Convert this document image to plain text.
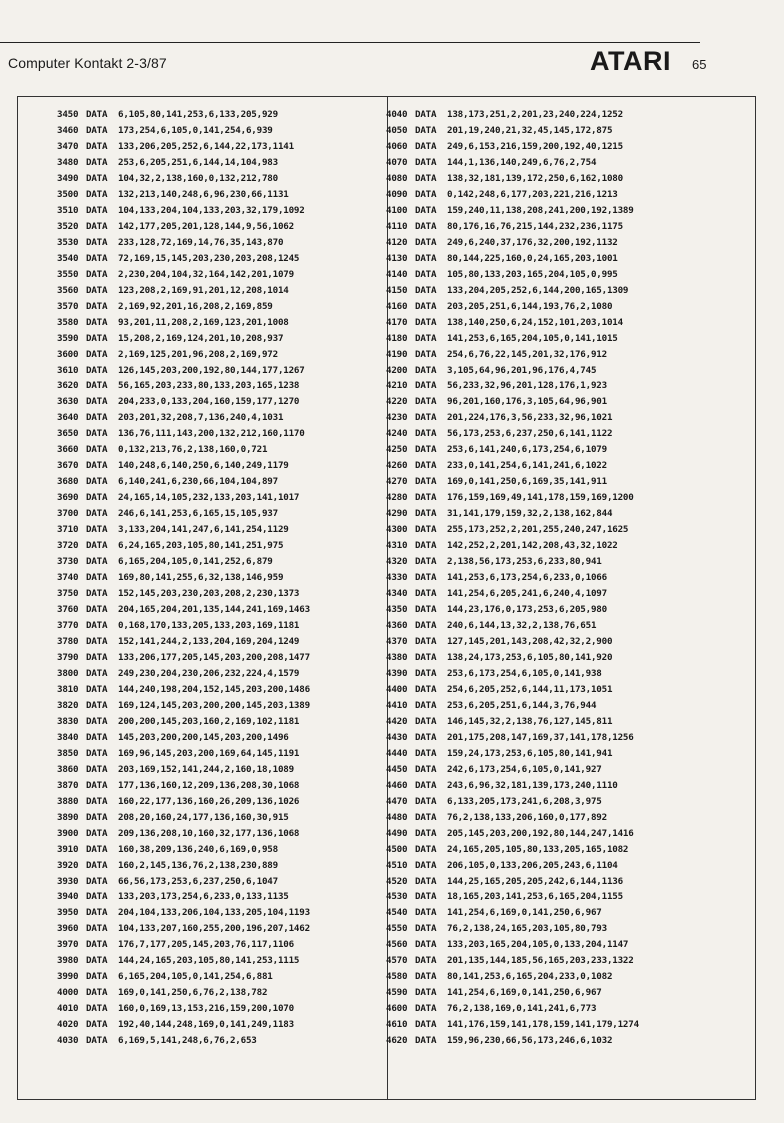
Computer Kontakt 2-3/87	ATARI 65
3450 DATA 6,105,80,141,253,6,133,205,929
3460 DATA 173,254,6,105,0,141,254,6,939
3470 DATA 133,206,205,252,6,144,22,173,1141
3480 DATA 253,6,205,251,6,144,14,104,983
3490 DATA 104,32,2,138,160,0,132,212,780
3500 DATA 132,213,140,248,6,96,230,66,1131
3510 DATA 104,133,204,104,133,203,32,179,1092
3520 DATA 142,177,205,201,128,144,9,56,1062
3530 DATA 233,128,72,169,14,76,35,143,870
3540 DATA 72,169,15,145,203,230,203,208,1245
3550 DATA 2,230,204,104,32,164,142,201,1079
3560 DATA 123,208,2,169,91,201,12,208,1014
3570 DATA 2,169,92,201,16,208,2,169,859
3580 DATA 93,201,11,208,2,169,123,201,1008
3590 DATA 15,208,2,169,124,201,10,208,937
3600 DATA 2,169,125,201,96,208,2,169,972
3610 DATA 126,145,203,200,192,80,144,177,1267
3620 DATA 56,165,203,233,80,133,203,165,1238
3630 DATA 204,233,0,133,204,160,159,177,1270
3640 DATA 203,201,32,208,7,136,240,4,1031
3650 DATA 136,76,111,143,200,132,212,160,1170
3660 DATA 0,132,213,76,2,138,160,0,721
3670 DATA 140,248,6,140,250,6,140,249,1179
3680 DATA 6,140,241,6,230,66,104,104,897
3690 DATA 24,165,14,105,232,133,203,141,1017
3700 DATA 246,6,141,253,6,165,15,105,937
3710 DATA 3,133,204,141,247,6,141,254,1129
3720 DATA 6,24,165,203,105,80,141,251,975
3730 DATA 6,165,204,105,0,141,252,6,879
3740 DATA 169,80,141,255,6,32,138,146,959
3750 DATA 152,145,203,230,203,208,2,230,1373
3760 DATA 204,165,204,201,135,144,241,169,1463
3770 DATA 0,168,170,133,205,133,203,169,1181
3780 DATA 152,141,244,2,133,204,169,204,1249
3790 DATA 133,206,177,205,145,203,200,208,1477
3800 DATA 249,230,204,230,206,232,224,4,1579
3810 DATA 144,240,198,204,152,145,203,200,1486
3820 DATA 169,124,145,203,200,200,145,203,1389
3830 DATA 200,200,145,203,160,2,169,102,1181
3840 DATA 145,203,200,200,145,203,200,1496
3850 DATA 169,96,145,203,200,169,64,145,1191
3860 DATA 203,169,152,141,244,2,160,18,1089
3870 DATA 177,136,160,12,209,136,208,30,1068
3880 DATA 160,22,177,136,160,26,209,136,1026
3890 DATA 208,20,160,24,177,136,160,30,915
3900 DATA 209,136,208,10,160,32,177,136,1068
3910 DATA 160,38,209,136,240,6,169,0,958
3920 DATA 160,2,145,136,76,2,138,230,889
3930 DATA 66,56,173,253,6,237,250,6,1047
3940 DATA 133,203,173,254,6,233,0,133,1135
3950 DATA 204,104,133,206,104,133,205,104,1193
3960 DATA 104,133,207,160,255,200,196,207,1462
3970 DATA 176,7,177,205,145,203,76,117,1106
3980 DATA 144,24,165,203,105,80,141,253,1115
3990 DATA 6,165,204,105,0,141,254,6,881
4000 DATA 169,0,141,250,6,76,2,138,782
4010 DATA 160,0,169,13,153,216,159,200,1070
4020 DATA 192,40,144,248,169,0,141,249,1183
4030 DATA 6,169,5,141,248,6,76,2,653
4040 DATA 138,173,251,2,201,23,240,224,1252
4050 DATA 201,19,240,21,32,45,145,172,875
4060 DATA 249,6,153,216,159,200,192,40,1215
4070 DATA 144,1,136,140,249,6,76,2,754
4080 DATA 138,32,181,139,172,250,6,162,1080
4090 DATA 0,142,248,6,177,203,221,216,1213
4100 DATA 159,240,11,138,208,241,200,192,1389
4110 DATA 80,176,16,76,215,144,232,236,1175
4120 DATA 249,6,240,37,176,32,200,192,1132
4130 DATA 80,144,225,160,0,24,165,203,1001
4140 DATA 105,80,133,203,165,204,105,0,995
4150 DATA 133,204,205,252,6,144,200,165,1309
4160 DATA 203,205,251,6,144,193,76,2,1080
4170 DATA 138,140,250,6,24,152,101,203,1014
4180 DATA 141,253,6,165,204,105,0,141,1015
4190 DATA 254,6,76,22,145,201,32,176,912
4200 DATA 3,105,64,96,201,96,176,4,745
4210 DATA 56,233,32,96,201,128,176,1,923
4220 DATA 96,201,160,176,3,105,64,96,901
4230 DATA 201,224,176,3,56,233,32,96,1021
4240 DATA 56,173,253,6,237,250,6,141,1122
4250 DATA 253,6,141,240,6,173,254,6,1079
4260 DATA 233,0,141,254,6,141,241,6,1022
4270 DATA 169,0,141,250,6,169,35,141,911
4280 DATA 176,159,169,49,141,178,159,169,1200
4290 DATA 31,141,179,159,32,2,138,162,844
4300 DATA 255,173,252,2,201,255,240,247,1625
4310 DATA 142,252,2,201,142,208,43,32,1022
4320 DATA 2,138,56,173,253,6,233,80,941
4330 DATA 141,253,6,173,254,6,233,0,1066
4340 DATA 141,254,6,205,241,6,240,4,1097
4350 DATA 144,23,176,0,173,253,6,205,980
4360 DATA 240,6,144,13,32,2,138,76,651
4370 DATA 127,145,201,143,208,42,32,2,900
4380 DATA 138,24,173,253,6,105,80,141,920
4390 DATA 253,6,173,254,6,105,0,141,938
4400 DATA 254,6,205,252,6,144,11,173,1051
4410 DATA 253,6,205,251,6,144,3,76,944
4420 DATA 146,145,32,2,138,76,127,145,811
4430 DATA 201,175,208,147,169,37,141,178,1256
4440 DATA 159,24,173,253,6,105,80,141,941
4450 DATA 242,6,173,254,6,105,0,141,927
4460 DATA 243,6,96,32,181,139,173,240,1110
4470 DATA 6,133,205,173,241,6,208,3,975
4480 DATA 76,2,138,133,206,160,0,177,892
4490 DATA 205,145,203,200,192,80,144,247,1416
4500 DATA 24,165,205,105,80,133,205,165,1082
4510 DATA 206,105,0,133,206,205,243,6,1104
4520 DATA 144,25,165,205,205,242,6,144,1136
4530 DATA 18,165,203,141,253,6,165,204,1155
4540 DATA 141,254,6,169,0,141,250,6,967
4550 DATA 76,2,138,24,165,203,105,80,793
4560 DATA 133,203,165,204,105,0,133,204,1147
4570 DATA 201,135,144,185,56,165,203,233,1322
4580 DATA 80,141,253,6,165,204,233,0,1082
4590 DATA 141,254,6,169,0,141,250,6,967
4600 DATA 76,2,138,169,0,141,241,6,773
4610 DATA 141,176,159,141,178,159,141,179,1274
4620 DATA 159,96,230,66,56,173,246,6,1032
